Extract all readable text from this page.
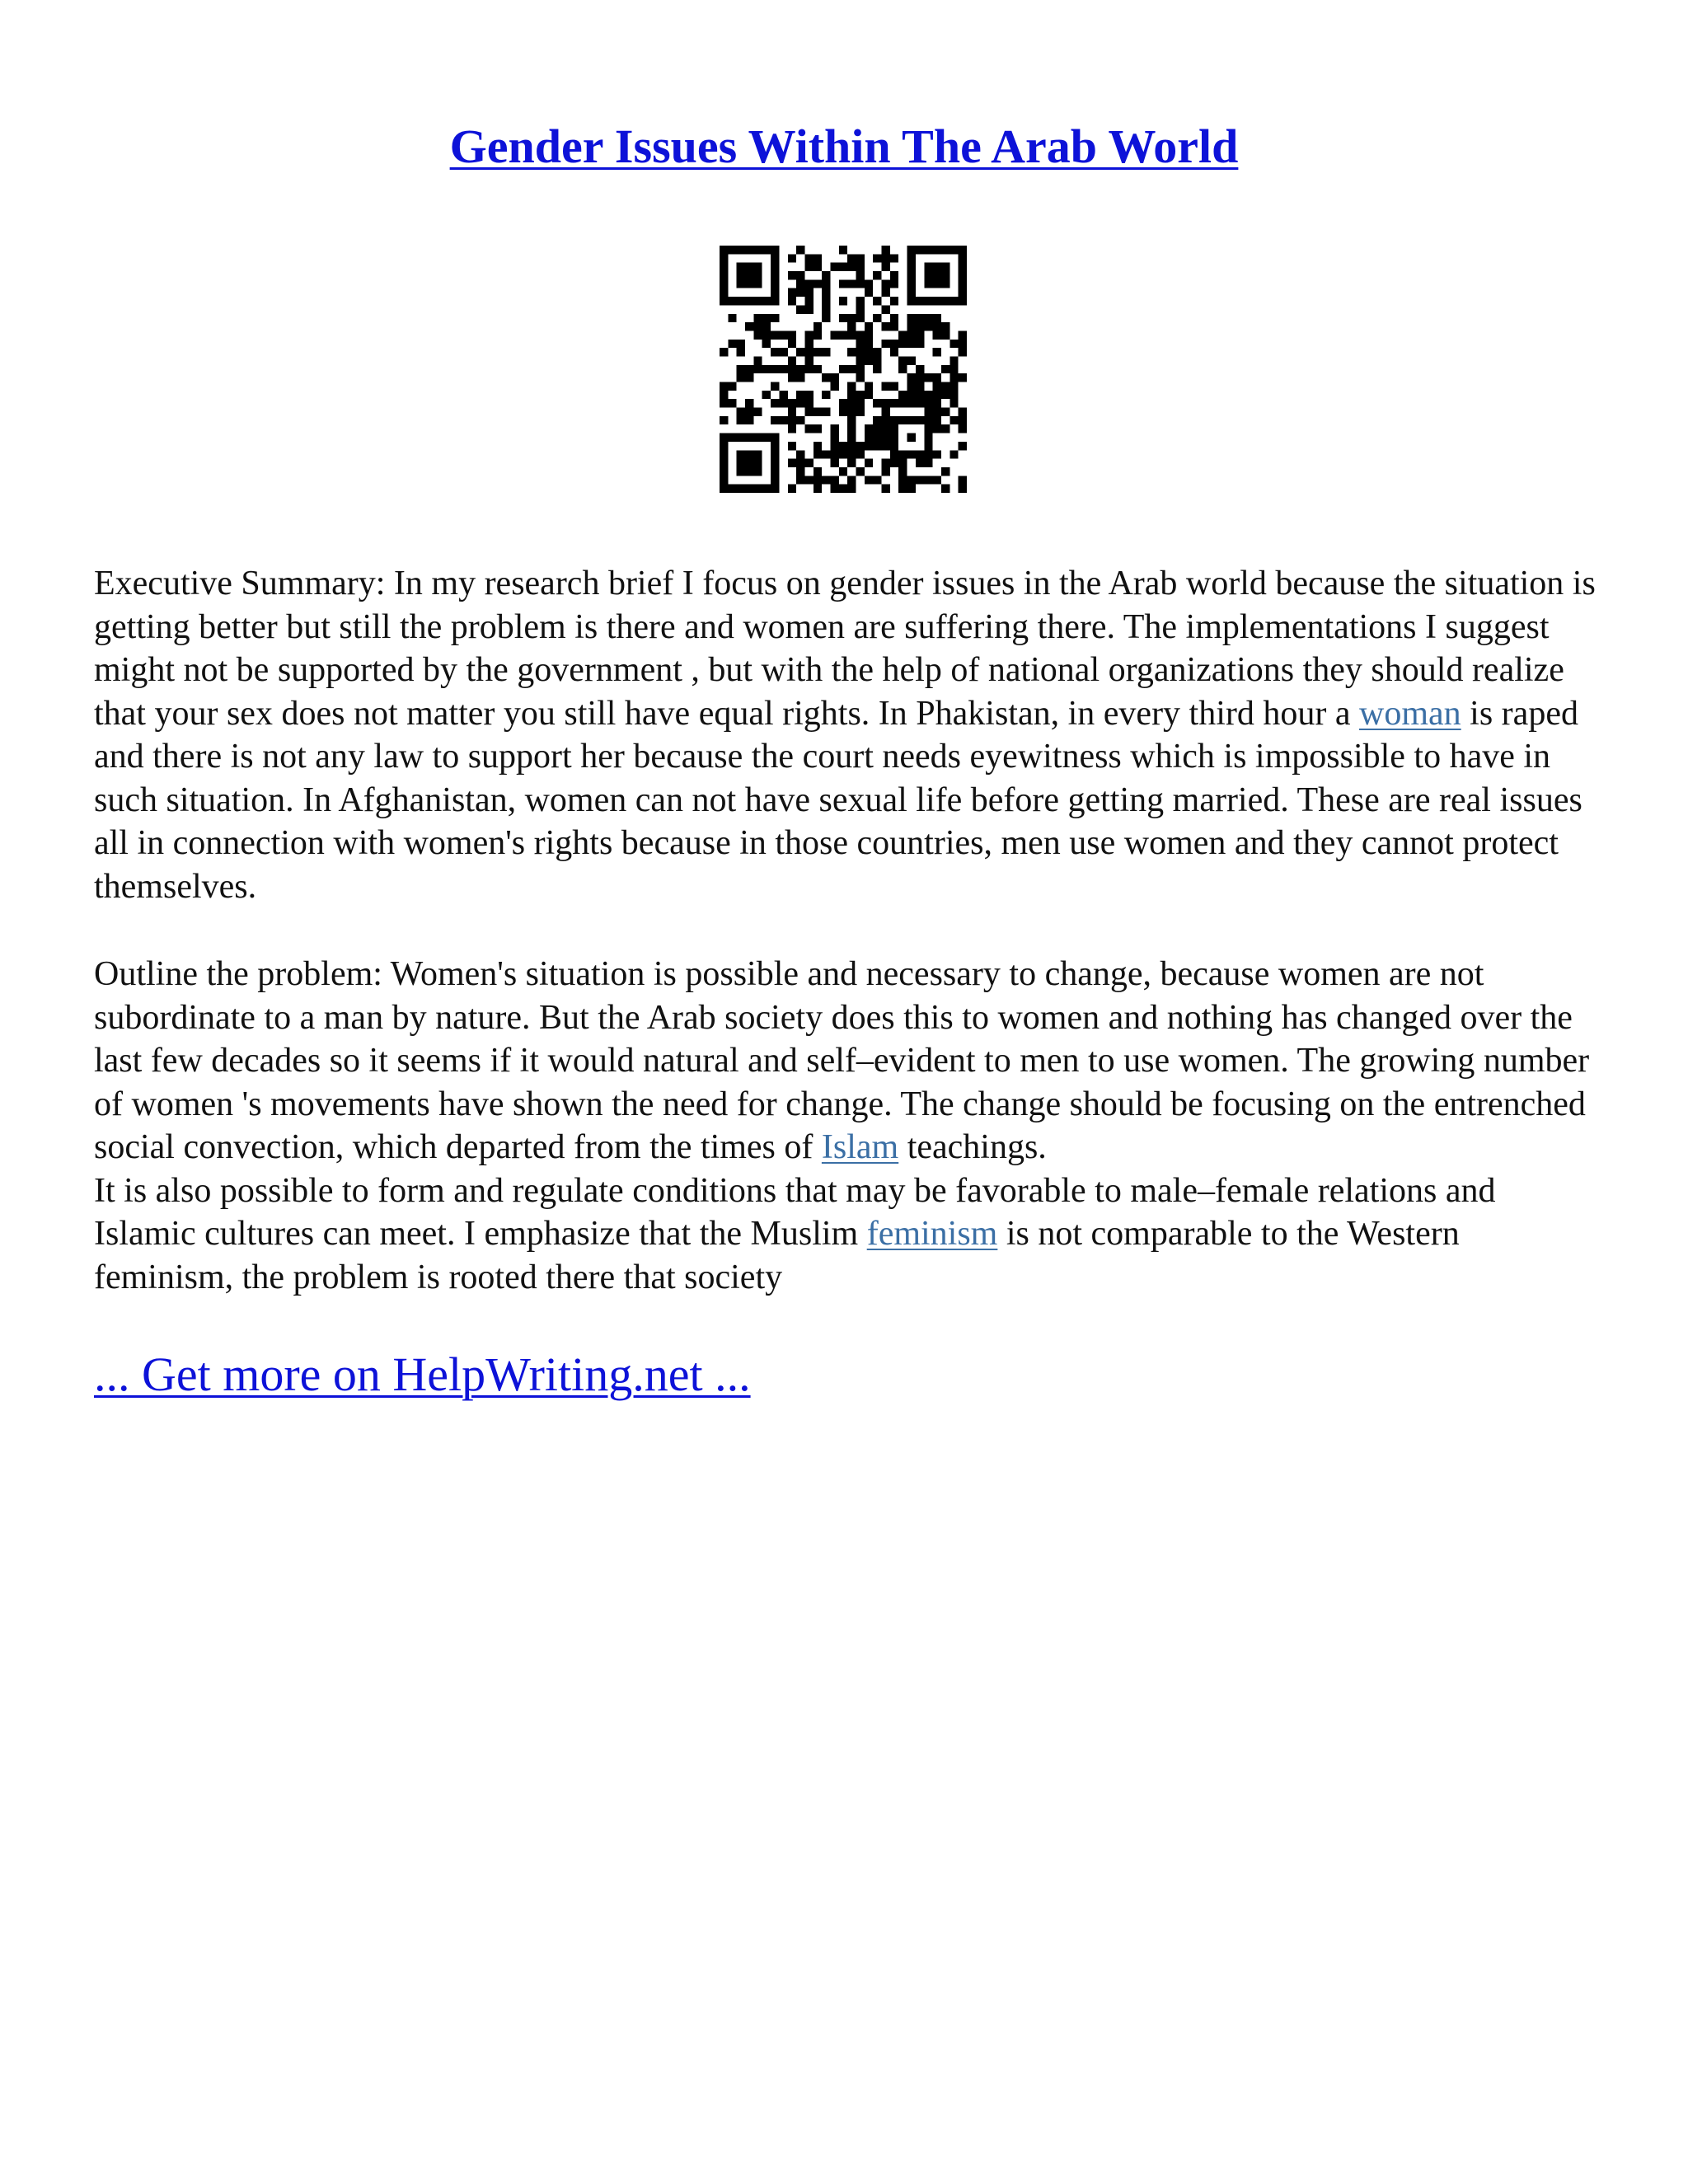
Gender Issues Within The Arab World

Executive Summary: In my research brief I focus on gender issues in the Arab world because the situation is getting better but still the problem is there and women are suffering there. The implementations I suggest might not be supported by the government , but with the help of national organizations they should realize that your sex does not matter you still have equal rights. In Phakistan, in every third hour a woman is raped and there is not any law to support her because the court needs eyewitness which is impossible to have in such situation. In Afghanistan, women can not have sexual life before getting married. These are real issues all in connection with women's rights because in those countries, men use women and they cannot protect themselves.

Outline the problem: Women's situation is possible and necessary to change, because women are not subordinate to a man by nature. But the Arab society does this to women and nothing has changed over the last few decades so it seems if it would natural and self–evident to men to use women. The growing number of women 's movements have shown the need for change. The change should be focusing on the entrenched social convection, which departed from the times of Islam teachings.
It is also possible to form and regulate conditions that may be favorable to male–female relations and Islamic cultures can meet. I emphasize that the Muslim feminism is not comparable to the Western feminism, the problem is rooted there that society

... Get more on HelpWriting.net ...
